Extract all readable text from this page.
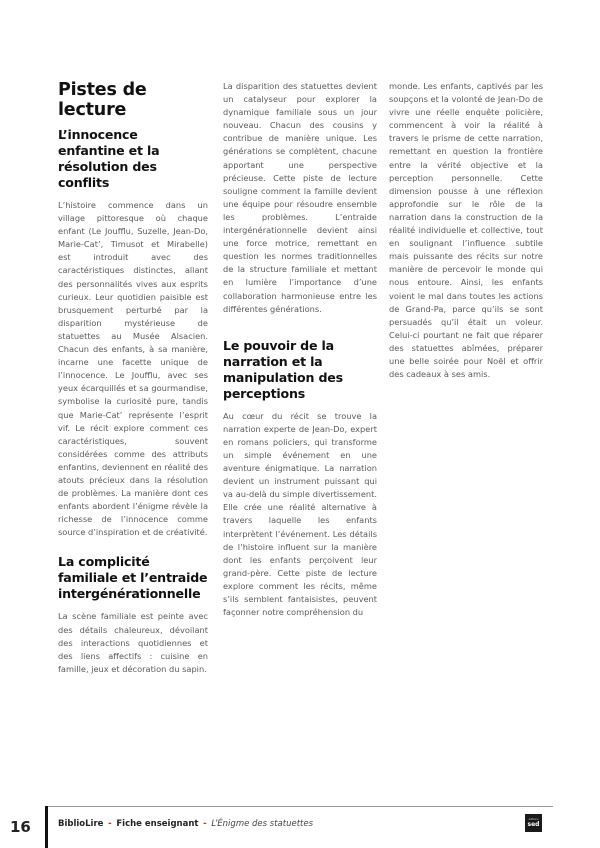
Pistes de lecture
L’innocence enfantine et la résolution des conflits

L’histoire commence dans un village pittoresque où chaque enfant (Le Joufflu, Suzelle, Jean-Do, Marie-Cat’, Timusot et Mirabelle) est introduit avec des caractéristiques distinctes, allant des personnalités vives aux esprits curieux. Leur quotidien paisible est brusquement perturbé par la disparition mystérieuse de statuettes au Musée Alsacien. Chacun des enfants, à sa manière, incarne une facette unique de l’innocence. Le Joufflu, avec ses yeux écarquillés et sa gourmandise, symbolise la curiosité pure, tandis que Marie-Cat’ représente l’esprit vif. Le récit explore comment ces caractéristiques, souvent considérées comme des attributs enfantins, deviennent en réalité des atouts précieux dans la résolution de problèmes. La manière dont ces enfants abordent l’énigme révèle la richesse de l’innocence comme source d’inspiration et de créativité.

La complicité familiale et l’entraide intergénérationnelle

La scène familiale est peinte avec des détails chaleureux, dévoilant des interactions quotidiennes et des liens affectifs : cuisine en famille, jeux et décoration du sapin.

La disparition des statuettes devient un catalyseur pour explorer la dynamique familiale sous un jour nouveau. Chacun des cousins y contribue de manière unique. Les générations se complètent, chacune apportant une perspective précieuse. Cette piste de lecture souligne comment la famille devient une équipe pour résoudre ensemble les problèmes. L’entraide intergénérationnelle devient ainsi une force motrice, remettant en question les normes traditionnelles de la structure familiale et mettant en lumière l’importance d’une collaboration harmonieuse entre les différentes générations.

Le pouvoir de la narration et la manipulation des perceptions

Au cœur du récit se trouve la narration experte de Jean-Do, expert en romans policiers, qui transforme un simple événement en une aventure énigmatique. La narration devient un instrument puissant qui va au-delà du simple divertissement. Elle crée une réalité alternative à travers laquelle les enfants interprètent l’événement. Les détails de l’histoire influent sur la manière dont les enfants perçoivent leur grand-père. Cette piste de lecture explore comment les récits, même s’ils semblent fantaisistes, peuvent façonner notre compréhension du

monde. Les enfants, captivés par les soupçons et la volonté de Jean-Do de vivre une réelle enquête policière, commencent à voir la réalité à travers le prisme de cette narration, remettant en question la frontière entre la vérité objective et la perception personnelle. Cette dimension pousse à une réflexion approfondie sur le rôle de la narration dans la construction de la réalité individuelle et collective, tout en soulignant l’influence subtile mais puissante des récits sur notre manière de percevoir le monde qui nous entoure. Ainsi, les enfants voient le mal dans toutes les actions de Grand-Pa, parce qu’ils se sont persuadés qu’il était un voleur. Celui-ci pourtant ne fait que réparer des statuettes abîmées, préparer une belle soirée pour Noël et offrir des cadeaux à ses amis.

16	BiblioLire - Fiche enseignant - L’Énigme des statuettes	éditions
sed
